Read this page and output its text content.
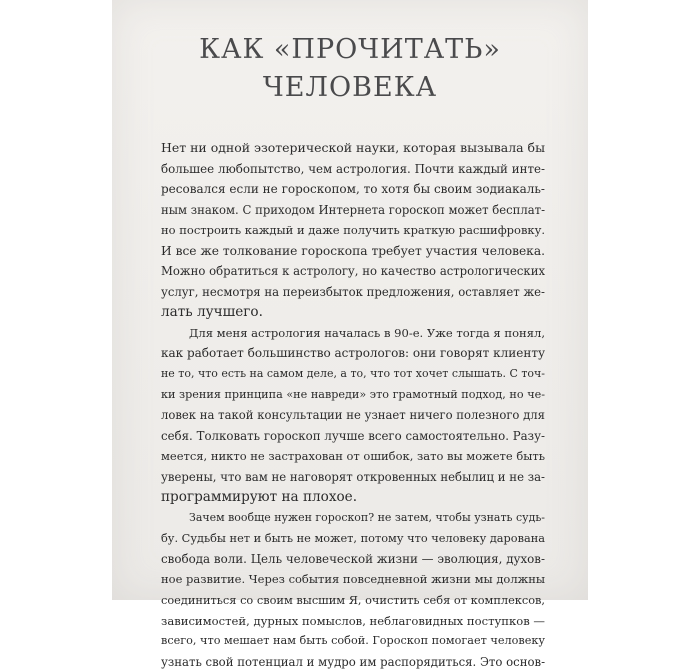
КАК «ПРОЧИТАТЬ»
ЧЕЛОВЕКА
Нет ни одной эзотерической науки, которая вызывала бы
большее любопытство, чем астрология. Почти каждый инте-
ресовался если не гороскопом, то хотя бы своим зодиакаль-
ным знаком. С приходом Интернета гороскоп может бесплат-
но построить каждый и даже получить краткую расшифровку.
И все же толкование гороскопа требует участия человека.
Можно обратиться к астрологу, но качество астрологических
услуг, несмотря на переизбыток предложения, оставляет же-
лать лучшего.
Для меня астрология началась в 90-е. Уже тогда я понял,
как работает большинство астрологов: они говорят клиенту
не то, что есть на самом деле, а то, что тот хочет слышать. С точ-
ки зрения принципа «не навреди» это грамотный подход, но че-
ловек на такой консультации не узнает ничего полезного для
себя. Толковать гороскоп лучше всего самостоятельно. Разу-
меется, никто не застрахован от ошибок, зато вы можете быть
уверены, что вам не наговорят откровенных небылиц и не за-
программируют на плохое.
Зачем вообще нужен гороскоп? не затем, чтобы узнать судь-
бу. Судьбы нет и быть не может, потому что человеку дарована
свобода воли. Цель человеческой жизни — эволюция, духов-
ное развитие. Через события повседневной жизни мы должны
соединиться со своим высшим Я, очистить себя от комплексов,
зависимостей, дурных помыслов, неблаговидных поступков —
всего, что мешает нам быть собой. Гороскоп помогает человеку
узнать свой потенциал и мудро им распорядиться. Это основ-
